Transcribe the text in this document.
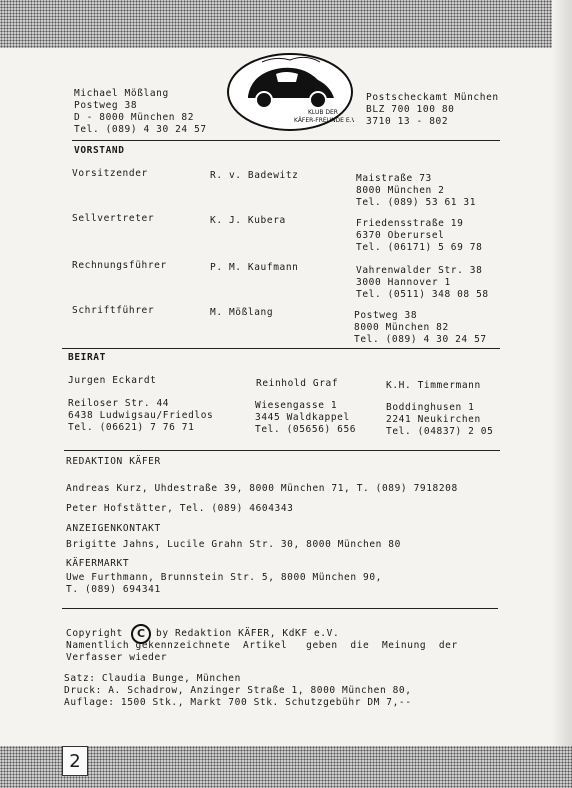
Michael Mößlang
Postweg 38
D - 8000 München 82
Tel. (089) 4 30 24 57
KLUB DER
KÄFER-FREUNDE E.V.
Postscheckamt München
BLZ 700 100 80
3710 13 - 802
VORSTAND
Vorsitzender	R. v. Badewitz	Maistraße 73
8000 München 2
Tel. (089) 53 61 31
Sellvertreter	K. J. Kubera	Friedensstraße 19
6370 Oberursel
Tel. (06171) 5 69 78
Rechnungsführer	P. M. Kaufmann	Vahrenwalder Str. 38
3000 Hannover 1
Tel. (0511) 348 08 58
Schriftführer	M. Mößlang	Postweg 38
8000 München 82
Tel. (089) 4 30 24 57
BEIRAT
Jurgen Eckardt
Reiloser Str. 44
6438 Ludwigsau/Friedlos
Tel. (06621) 7 76 71
Reinhold Graf
Wiesengasse 1
3445 Waldkappel
Tel. (05656) 656
K.H. Timmermann
Boddinghusen 1
2241 Neukirchen
Tel. (04837) 2 05
REDAKTION KÄFER
Andreas Kurz, Uhdestraße 39, 8000 München 71, T. (089) 7918208
Peter Hofstätter, Tel. (089) 4604343
ANZEIGENKONTAKT
Brigitte Jahns, Lucile Grahn Str. 30, 8000 München 80
KÄFERMARKT
Uwe Furthmann, Brunnstein Str. 5, 8000 München 90,
T. (089) 694341
Copyright	C	by Redaktion KÄFER, KdKF e.V.
Namentlich gekennzeichnete  Artikel   geben  die  Meinung  der
Verfasser wieder
Satz: Claudia Bunge, München
Druck: A. Schadrow, Anzinger Straße 1, 8000 München 80,
Auflage: 1500 Stk., Markt 700 Stk. Schutzgebühr DM 7,--
2
